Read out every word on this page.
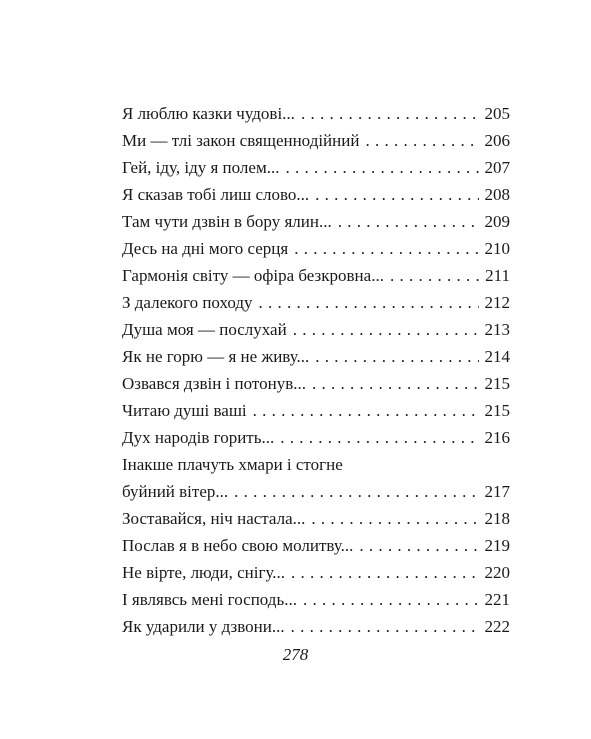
Я люблю казки чудові... . . .	205
Ми — тлі закон священнодійний . . .	206
Гей, іду, іду я полем... . . .	207
Я сказав тобі лиш слово... . . .	208
Там чути дзвін в бору ялин... . . .	209
Десь на дні мого серця . . .	210
Гармонія світу — офіра безкровна... . . .	211
З далекого походу . . .	212
Душа моя — послухай . . .	213
Як не горю — я не живу... . . .	214
Озвався дзвін і потонув... . . .	215
Читаю душі ваші . . .	215
Дух народів горить... . . .	216
Інакше плачуть хмари і стогне
буйний вітер... . . .	217
Зоставайся, ніч настала... . . .	218
Послав я в небо свою молитву... . . .	219
Не вірте, люди, снігу... . . .	220
І являвсь мені господь... . . .	221
Як ударили у дзвони... . . .	222
278
